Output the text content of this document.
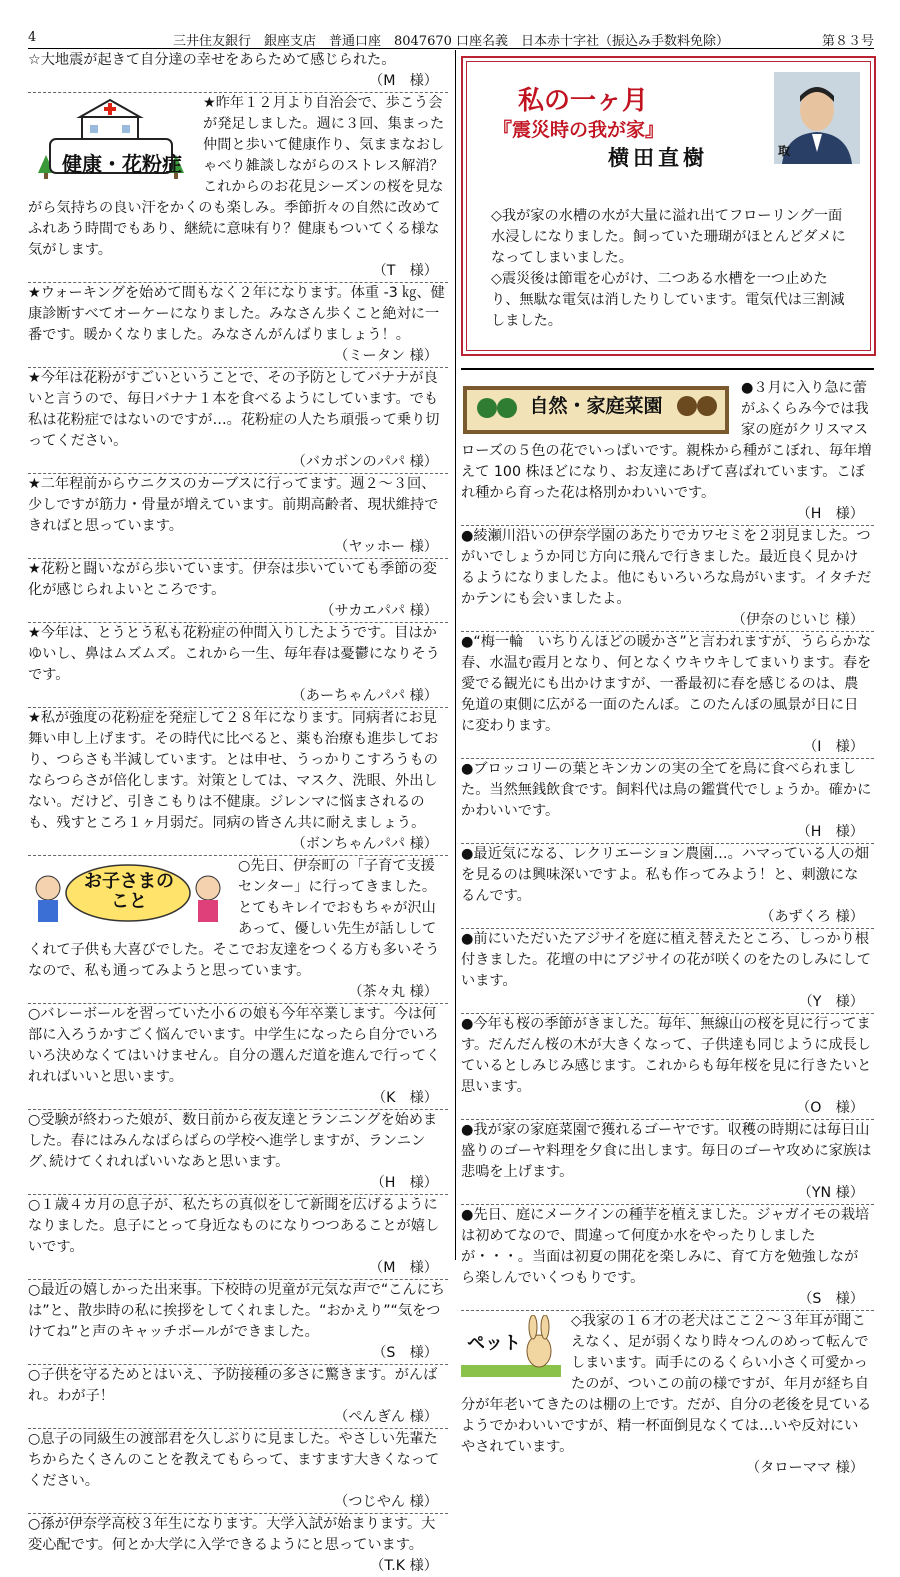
4	三井住友銀行　銀座支店　普通口座　8047670 口座名義　日本赤十字社（振込み手数料免除）	第８３号

☆大地震が起きて自分達の幸せをあらためて感じられた。

（M　様）
健康・花粉症

★昨年１２月より自治会で、歩こう会が発足しました。週に３回、集まった仲間と歩いて健康作り、気ままなおしゃべり雑談しながらのストレス解消？これからのお花見シーズンの桜を見ながら気持ちの良い汗をかくのも楽しみ。季節折々の自然に改めてふれあう時間でもあり、継続に意味有り？健康もついてくる様な気がします。

（T　様）

★ウォーキングを始めて間もなく２年になります。体重 -3 ㎏、健康診断すべてオーケーになりました。みなさん歩くこと絶対に一番です。暖かくなりました。みなさんがんばりましょう！。

（ミータン 様）

★今年は花粉がすごいということで、その予防としてバナナが良いと言うので、毎日バナナ１本を食べるようにしています。でも私は花粉症ではないのですが…。花粉症の人たち頑張って乗り切ってください。

（バカボンのパパ 様）

★二年程前からウニクスのカーブスに行ってます。週２～３回、少しですが筋力・骨量が増えています。前期高齢者、現状維持できればと思っています。

（ヤッホー 様）

★花粉と闘いながら歩いています。伊奈は歩いていても季節の変化が感じられよいところです。

（サカエパパ 様）

★今年は、とうとう私も花粉症の仲間入りしたようです。目はかゆいし、鼻はムズムズ。これから一生、毎年春は憂鬱になりそうです。

（あーちゃんパパ 様）

★私が強度の花粉症を発症して２８年になります。同病者にお見舞い申し上げます。その時代に比べると、薬も治療も進歩しており、つらさも半減しています。とは申せ、うっかりこすろうものならつらさが倍化します。対策としては、マスク、洗眼、外出しない。だけど、引きこもりは不健康。ジレンマに悩まされるのも、残すところ１ヶ月弱だ。同病の皆さん共に耐えましょう。

（ボンちゃんパパ 様）
お子さまのこと

○先日、伊奈町の「子育て支援センター」に行ってきました。とてもキレイでおもちゃが沢山あって、優しい先生が話ししてくれて子供も大喜びでした。そこでお友達をつくる方も多いそうなので、私も通ってみようと思っています。

（茶々丸 様）

○バレーボールを習っていた小６の娘も今年卒業します。今は何部に入ろうかすごく悩んでいます。中学生になったら自分でいろいろ決めなくてはいけません。自分の選んだ道を進んで行ってくれればいいと思います。

（K　様）

○受験が終わった娘が、数日前から夜友達とランニングを始めました。春にはみんなばらばらの学校へ進学しますが、ランニング､続けてくれればいいなあと思います。

（H　様）

○１歳４カ月の息子が、私たちの真似をして新聞を広げるようになりました。息子にとって身近なものになりつつあることが嬉しいです。

（M　様）

○最近の嬉しかった出来事。下校時の児童が元気な声で“こんにちは”と、散歩時の私に挨拶をしてくれました。“おかえり”“気をつけてね”と声のキャッチボールができました。

（S　様）

○子供を守るためとはいえ、予防接種の多さに驚きます。がんばれ。わが子！

（ぺんぎん 様）

○息子の同級生の渡部君を久しぶりに見ました。やさしい先輩たちからたくさんのことを教えてもらって、ますます大きくなってください。

（つじやん 様）

○孫が伊奈学高校３年生になります。大学入試が始まります。大変心配です。何とか大学に入学できるようにと思っています。

（T.K 様）
私の一ヶ月
『震災時の我が家』
横田直樹	取

◇我が家の水槽の水が大量に溢れ出てフローリング一面水浸しになりました。飼っていた珊瑚がほとんどダメになってしまいました。

◇震災後は節電を心がけ、二つある水槽を一つ止めたり、無駄な電気は消したりしています。電気代は三割減しました。

自然・家庭菜園

●３月に入り急に蕾がふくらみ今では我家の庭がクリスマスローズの５色の花でいっぱいです。親株から種がこぼれ、毎年増えて 100 株ほどになり、お友達にあげて喜ばれています。こぼれ種から育った花は格別かわいいです。

（H　様）

●綾瀬川沿いの伊奈学園のあたりでカワセミを２羽見ました。つがいでしょうか同じ方向に飛んで行きました。最近良く見かけるようになりましたよ。他にもいろいろな鳥がいます。イタチだかテンにも会いましたよ。

（伊奈のじいじ 様）

●“梅一輪　いちりんほどの暖かさ”と言われますが、うららかな春、水温む霞月となり、何となくウキウキしてまいります。春を愛でる観光にも出かけますが、一番最初に春を感じるのは、農免道の東側に広がる一面のたんぼ。このたんぼの風景が日に日に変わります。

（I　様）

●ブロッコリーの葉とキンカンの実の全てを鳥に食べられました。当然無銭飲食です。飼料代は鳥の鑑賞代でしょうか。確かにかわいいです。

（H　様）

●最近気になる、レクリエーション農園…。ハマっている人の畑を見るのは興味深いですよ。私も作ってみよう！と、刺激になるんです。

（あずくろ 様）

●前にいただいたアジサイを庭に植え替えたところ、しっかり根付きました。花壇の中にアジサイの花が咲くのをたのしみにしています。

（Y　様）

●今年も桜の季節がきました。毎年、無線山の桜を見に行ってます。だんだん桜の木が大きくなって、子供達も同じように成長しているとしみじみ感じます。これからも毎年桜を見に行きたいと思います。

（O　様）

●我が家の家庭菜園で獲れるゴーヤです。収穫の時期には毎日山盛りのゴーヤ料理を夕食に出します。毎日のゴーヤ攻めに家族は悲鳴を上げます。

（YN 様）

●先日、庭にメークインの種芋を植えました。ジャガイモの栽培は初めてなので、間違って何度か水をやったりしましたが・・・。当面は初夏の開花を楽しみに、育て方を勉強しながら楽しんでいくつもりです。

（S　様）
ペット

◇我家の１６才の老犬はここ２～３年耳が聞こえなく、足が弱くなり時々つんのめって転んでしまいます。両手にのるくらい小さく可愛かったのが、ついこの前の様ですが、年月が経ち自分が年老いてきたのは棚の上です。だが、自分の老後を見ているようでかわいいですが、精一杯面倒見なくては…いや反対にいやされています。

（タローママ 様）
